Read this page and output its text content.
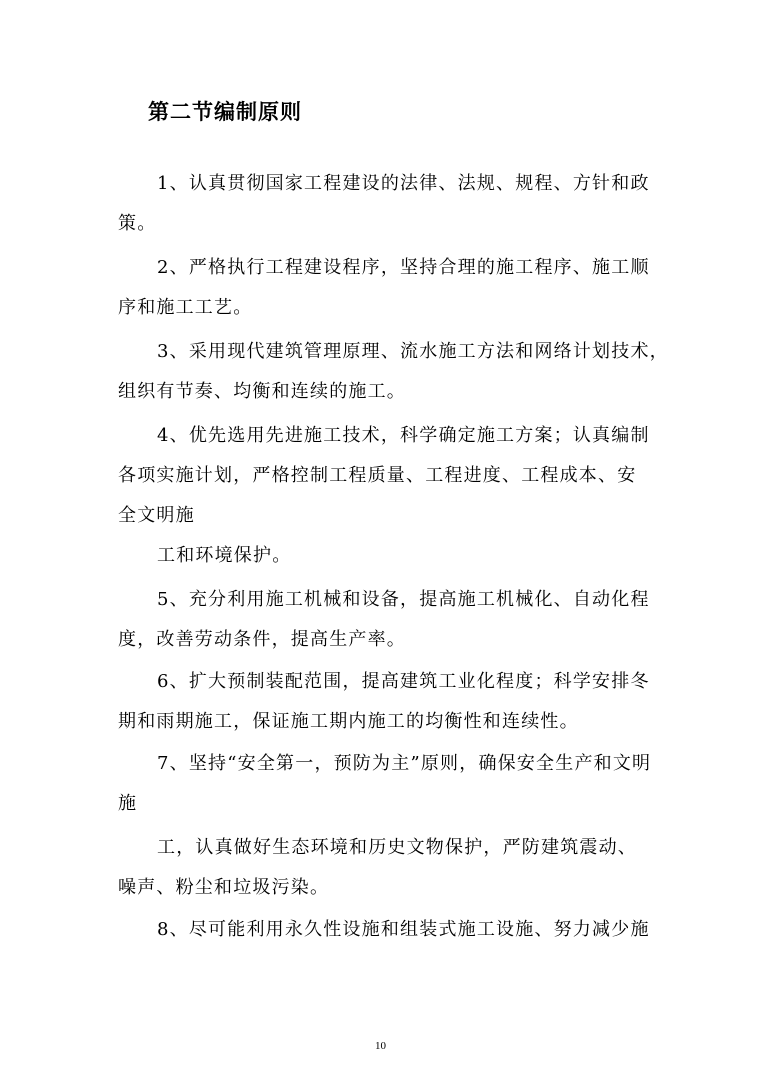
第二节编制原则
1、认真贯彻国家工程建设的法律、法规、规程、方针和政
策。
2、严格执行工程建设程序，坚持合理的施工程序、施工顺
序和施工工艺。
3、采用现代建筑管理原理、流水施工方法和网络计划技术，
组织有节奏、均衡和连续的施工。
4、优先选用先进施工技术，科学确定施工方案；认真编制
各项实施计划，严格控制工程质量、工程进度、工程成本、安
全文明施
工和环境保护。
5、充分利用施工机械和设备，提高施工机械化、自动化程
度，改善劳动条件，提高生产率。
6、扩大预制装配范围，提高建筑工业化程度；科学安排冬
期和雨期施工，保证施工期内施工的均衡性和连续性。
7、坚持“安全第一，预防为主”原则，确保安全生产和文明
施
工，认真做好生态环境和历史文物保护，严防建筑震动、
噪声、粉尘和垃圾污染。
8、尽可能利用永久性设施和组装式施工设施、努力减少施
10
